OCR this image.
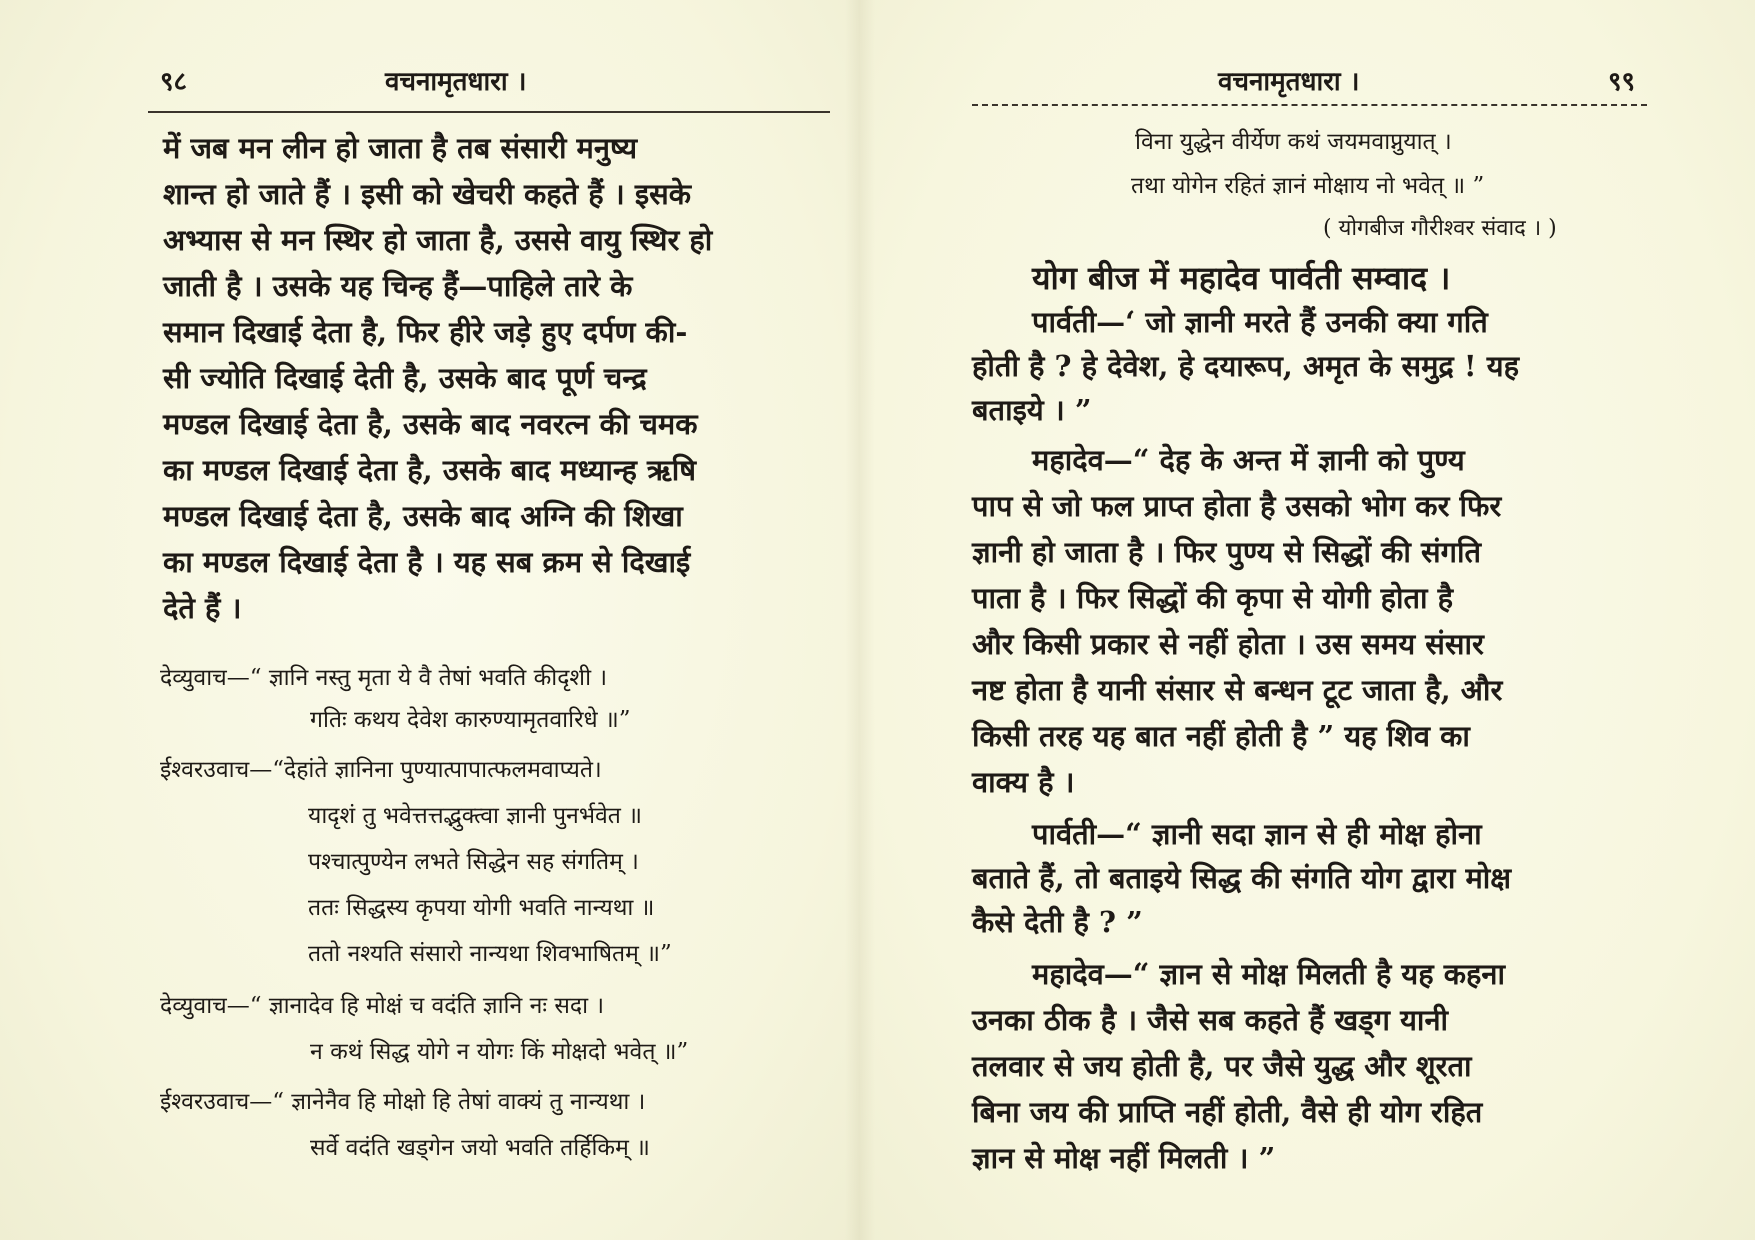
९८	वचनामृतधारा ।
में जब मन लीन हो जाता है तब संसारी मनुष्य
शान्त हो जाते हैं । इसी को खेचरी कहते हैं । इसके
अभ्यास से मन स्थिर हो जाता है, उससे वायु स्थिर हो
जाती है । उसके यह चिन्ह हैं—पाहिले तारे के
समान दिखाई देता है, फिर हीरे जड़े हुए दर्पण की-
सी ज्योति दिखाई देती है, उसके बाद पूर्ण चन्द्र
मण्डल दिखाई देता है, उसके बाद नवरत्न की चमक
का मण्डल दिखाई देता है, उसके बाद मध्यान्ह ऋषि
मण्डल दिखाई देता है, उसके बाद अग्नि की शिखा
का मण्डल दिखाई देता है । यह सब क्रम से दिखाई
देते हैं ।
देव्युवाच—“ ज्ञानि नस्तु मृता ये वै तेषां भवति कीदृशी ।
गतिः कथय देवेश कारुण्यामृतवारिधे ॥”
ईश्वरउवाच—“देहांते ज्ञानिना पुण्यात्पापात्फलमवाप्यते।
यादृशं तु भवेत्तत्तद्भुक्त्वा ज्ञानी पुनर्भवेत ॥
पश्चात्पुण्येन लभते सिद्धेन सह संगतिम् ।
ततः सिद्धस्य कृपया योगी भवति नान्यथा ॥
ततो नश्यति संसारो नान्यथा शिवभाषितम् ॥”
देव्युवाच—“ ज्ञानादेव हि मोक्षं च वदंति ज्ञानि नः सदा ।
न कथं सिद्ध योगे न योगः किं मोक्षदो भवेत् ॥”
ईश्वरउवाच—“ ज्ञानेनैव हि मोक्षो हि तेषां वाक्यं तु नान्यथा ।
सर्वे वदंति खड्गेन जयो भवति तर्हिकिम् ॥
वचनामृतधारा ।	९९
विना युद्धेन वीर्येण कथं जयमवाप्नुयात् ।
तथा योगेन रहितं ज्ञानं मोक्षाय नो भवेत् ॥ ”
( योगबीज गौरीश्वर संवाद । )
योग बीज में महादेव पार्वती सम्वाद ।
पार्वती—‘ जो ज्ञानी मरते हैं उनकी क्या गति
होती है ? हे देवेश, हे दयारूप, अमृत के समुद्र ! यह
बताइये । ”
महादेव—“ देह के अन्त में ज्ञानी को पुण्य
पाप से जो फल प्राप्त होता है उसको भोग कर फिर
ज्ञानी हो जाता है । फिर पुण्य से सिद्धों की संगति
पाता है । फिर सिद्धों की कृपा से योगी होता है
और किसी प्रकार से नहीं होता । उस समय संसार
नष्ट होता है यानी संसार से बन्धन टूट जाता है, और
किसी तरह यह बात नहीं होती है ” यह शिव का
वाक्य है ।
पार्वती—“ ज्ञानी सदा ज्ञान से ही मोक्ष होना
बताते हैं, तो बताइये सिद्ध की संगति योग द्वारा मोक्ष
कैसे देती है ? ”
महादेव—“ ज्ञान से मोक्ष मिलती है यह कहना
उनका ठीक है । जैसे सब कहते हैं खड्ग यानी
तलवार से जय होती है, पर जैसे युद्ध और शूरता
बिना जय की प्राप्ति नहीं होती, वैसे ही योग रहित
ज्ञान से मोक्ष नहीं मिलती । ”
